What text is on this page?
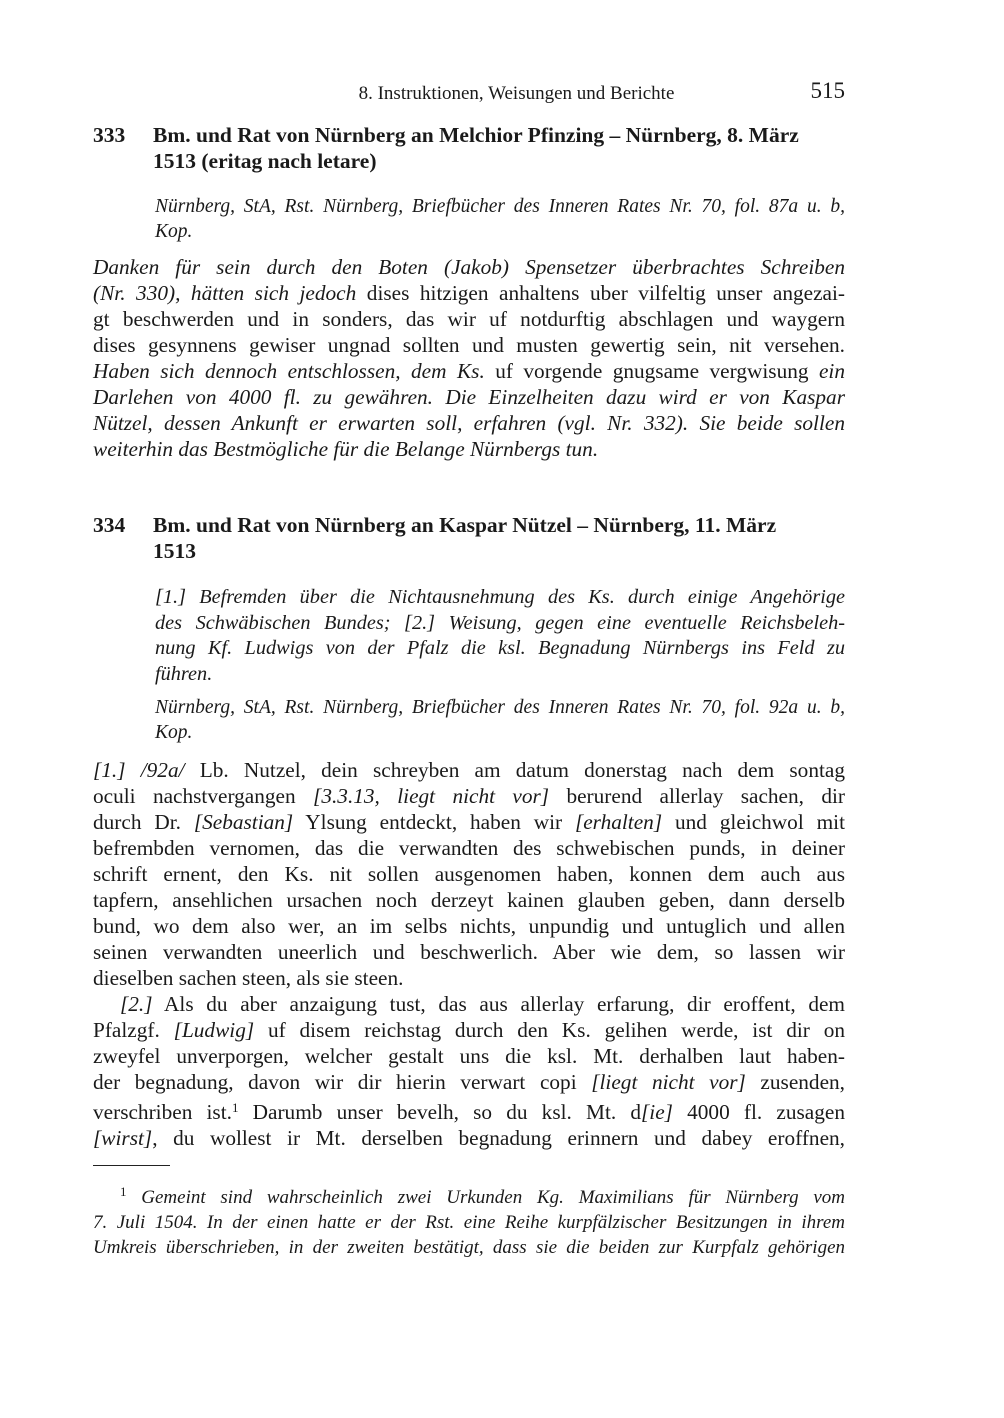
8. Instruktionen, Weisungen und Berichte	515
333 Bm. und Rat von Nürnberg an Melchior Pfinzing – Nürnberg, 8. März
1513 (eritag nach letare)
Nürnberg, StA, Rst. Nürnberg, Briefbücher des Inneren Rates Nr. 70, fol. 87a u. b,
Kop.
Danken für sein durch den Boten (Jakob) Spensetzer überbrachtes Schreiben
(Nr. 330), hätten sich jedoch dises hitzigen anhaltens uber vilfeltig unser angezai-
gt beschwerden und in sonders, das wir uf notdurftig abschlagen und waygern
dises gesynnens gewiser ungnad sollten und musten gewertig sein, nit versehen.
Haben sich dennoch entschlossen, dem Ks. uf vorgende gnugsame vergwisung ein
Darlehen von 4000 fl. zu gewähren. Die Einzelheiten dazu wird er von Kaspar
Nützel, dessen Ankunft er erwarten soll, erfahren (vgl. Nr. 332). Sie beide sollen
weiterhin das Bestmögliche für die Belange Nürnbergs tun.
334 Bm. und Rat von Nürnberg an Kaspar Nützel – Nürnberg, 11. März
1513
[1.] Befremden über die Nichtausnehmung des Ks. durch einige Angehörige
des Schwäbischen Bundes; [2.] Weisung, gegen eine eventuelle Reichsbeleh-
nung Kf. Ludwigs von der Pfalz die ksl. Begnadung Nürnbergs ins Feld zu
führen.
Nürnberg, StA, Rst. Nürnberg, Briefbücher des Inneren Rates Nr. 70, fol. 92a u. b,
Kop.
[1.] /92a/ Lb. Nutzel, dein schreyben am datum donerstag nach dem sontag
oculi nachstvergangen [3.3.13, liegt nicht vor] berurend allerlay sachen, dir
durch Dr. [Sebastian] Ylsung entdeckt, haben wir [erhalten] und gleichwol mit
befrembden vernomen, das die verwandten des schwebischen punds, in deiner
schrift ernent, den Ks. nit sollen ausgenomen haben, konnen dem auch aus
tapfern, ansehlichen ursachen noch derzeyt kainen glauben geben, dann derselb
bund, wo dem also wer, an im selbs nichts, unpundig und untuglich und allen
seinen verwandten uneerlich und beschwerlich. Aber wie dem, so lassen wir
dieselben sachen steen, als sie steen.
[2.] Als du aber anzaigung tust, das aus allerlay erfarung, dir eroffent, dem
Pfalzgf. [Ludwig] uf disem reichstag durch den Ks. gelihen werde, ist dir on
zweyfel unverporgen, welcher gestalt uns die ksl. Mt. derhalben laut haben-
der begnadung, davon wir dir hierin verwart copi [liegt nicht vor] zusenden,
verschriben ist.$^1$ Darumb unser bevelh, so du ksl. Mt. d[ie] 4000 fl. zusagen
[wirst], du wollest ir Mt. derselben begnadung erinnern und dabey eroffnen,
$^1$ Gemeint sind wahrscheinlich zwei Urkunden Kg. Maximilians für Nürnberg vom
7. Juli 1504. In der einen hatte er der Rst. eine Reihe kurpfälzischer Besitzungen in ihrem
Umkreis überschrieben, in der zweiten bestätigt, dass sie die beiden zur Kurpfalz gehörigen
